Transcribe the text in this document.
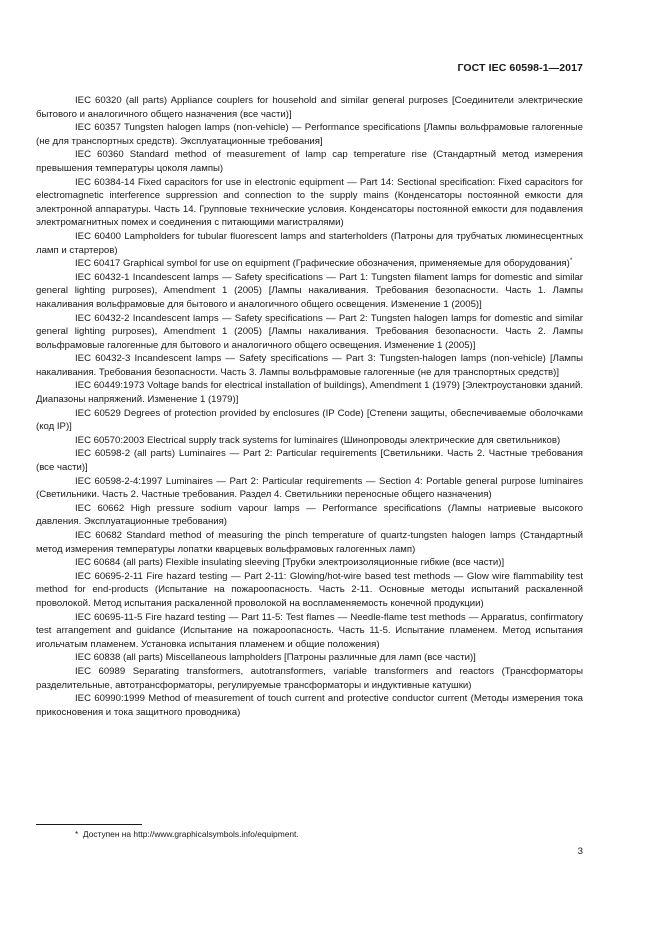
ГОСТ IEC 60598-1—2017

IEC 60320 (all parts) Appliance couplers for household and similar general purposes [Соединители электрические бытового и аналогичного общего назначения (все части)]

IEC 60357 Tungsten halogen lamps (non-vehicle) — Performance specifications [Лампы вольфрамовые галогенные (не для транспортных средств). Эксплуатационные требования]

IEC 60360 Standard method of measurement of lamp cap temperature rise (Стандартный метод измерения превышения температуры цоколя лампы)

IEC 60384-14 Fixed capacitors for use in electronic equipment — Part 14: Sectional specification: Fixed capacitors for electromagnetic interference suppression and connection to the supply mains (Конденсаторы постоянной емкости для электронной аппаратуры. Часть 14. Групповые технические условия. Конденсаторы постоянной емкости для подавления электромагнитных помех и соединения с питающими магистралями)

IEC 60400 Lampholders for tubular fluorescent lamps and starterholders (Патроны для трубчатых люминесцентных ламп и стартеров)

IEC 60417 Graphical symbol for use on equipment (Графические обозначения, применяемые для оборудования)*

IEC 60432-1 Incandescent lamps — Safety specifications — Part 1: Tungsten filament lamps for domestic and similar general lighting purposes), Amendment 1 (2005) [Лампы накаливания. Требования безопасности. Часть 1. Лампы накаливания вольфрамовые для бытового и аналогичного общего освещения. Изменение 1 (2005)]

IEC 60432-2 Incandescent lamps — Safety specifications — Part 2: Tungsten halogen lamps for domestic and similar general lighting purposes), Amendment 1 (2005) [Лампы накаливания. Требования безопасности. Часть 2. Лампы вольфрамовые галогенные для бытового и аналогичного общего освещения. Изменение 1 (2005)]

IEC 60432-3 Incandescent lamps — Safety specifications — Part 3: Tungsten-halogen lamps (non-vehicle) [Лампы накаливания. Требования безопасности. Часть 3. Лампы вольфрамовые галогенные (не для транспортных средств)]

IEC 60449:1973 Voltage bands for electrical installation of buildings), Amendment 1 (1979) [Электроустановки зданий. Диапазоны напряжений. Изменение 1 (1979)]

IEC 60529 Degrees of protection provided by enclosures (IP Code) [Степени защиты, обеспечиваемые оболочками (код IP)]

IEC 60570:2003 Electrical supply track systems for luminaires (Шинопроводы электрические для светильников)

IEC 60598-2 (all parts) Luminaires — Part 2: Particular requirements [Светильники. Часть 2. Частные требования (все части)]

IEC 60598-2-4:1997 Luminaires — Part 2: Particular requirements — Section 4: Portable general purpose luminaires (Светильники. Часть 2. Частные требования. Раздел 4. Светильники переносные общего назначения)

IEC 60662 High pressure sodium vapour lamps — Performance specifications (Лампы натриевые высокого давления. Эксплуатационные требования)

IEC 60682 Standard method of measuring the pinch temperature of quartz-tungsten halogen lamps (Стандартный метод измерения температуры лопатки кварцевых вольфрамовых галогенных ламп)

IEC 60684 (all parts) Flexible insulating sleeving [Трубки электроизоляционные гибкие (все части)]

IEC 60695-2-11 Fire hazard testing — Part 2-11: Glowing/hot-wire based test methods — Glow wire flammability test method for end-products (Испытание на пожароопасность. Часть 2-11. Основные методы испытаний раскаленной проволокой. Метод испытания раскаленной проволокой на воспламеняемость конечной продукции)

IEC 60695-11-5 Fire hazard testing — Part 11-5: Test flames — Needle-flame test methods — Apparatus, confirmatory test arrangement and guidance (Испытание на пожароопасность. Часть 11-5. Испытание пламенем. Метод испытания игольчатым пламенем. Установка испытания пламенем и общие положения)

IEC 60838 (all parts) Miscellaneous lampholders [Патроны различные для ламп (все части)]

IEC 60989 Separating transformers, autotransformers, variable transformers and reactors (Трансформаторы разделительные, автотрансформаторы, регулируемые трансформаторы и индуктивные катушки)

IEC 60990:1999 Method of measurement of touch current and protective conductor current (Методы измерения тока прикосновения и тока защитного проводника)

* Доступен на http://www.graphicalsymbols.info/equipment.
3
